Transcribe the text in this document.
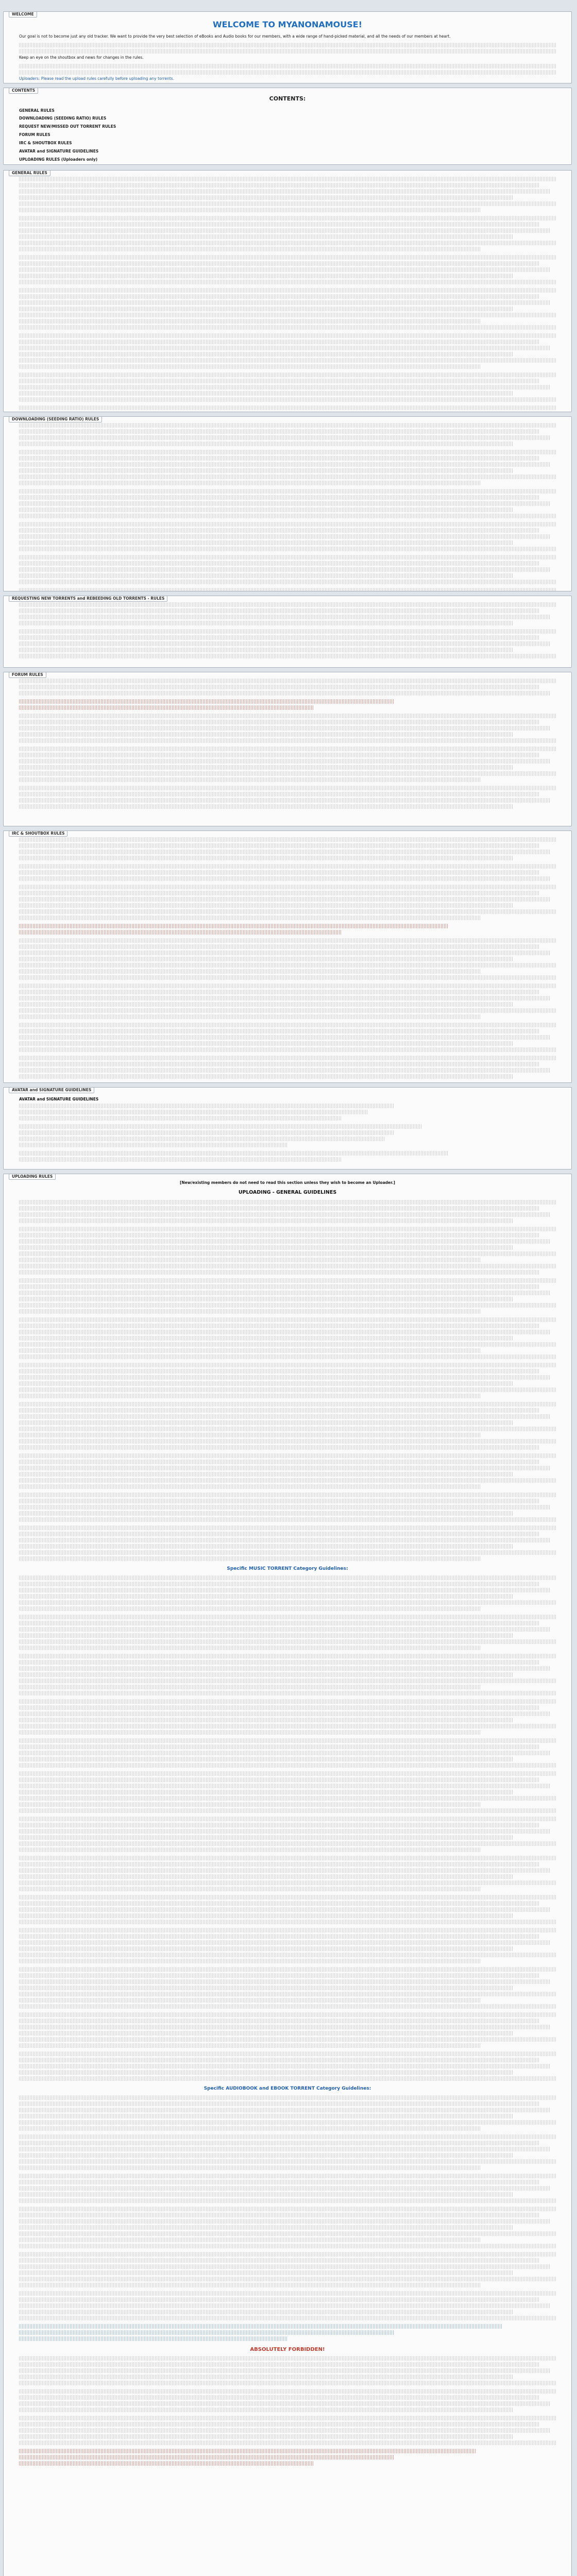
WELCOME
WELCOME TO MYANONAMOUSE!

Our goal is not to become just any old tracker. We want to provide the very best selection of eBooks and Audio books for our members, with a wide range of hand-picked material, and all the needs of our members at heart.

Keep an eye on the shoutbox and news for changes in the rules.

Uploaders: Please read the upload rules carefully before uploading any torrents.

CONTENTS
CONTENTS:
GENERAL RULES
DOWNLOADING (SEEDING RATIO) RULES
REQUEST NEW/MISSED OUT TORRENT RULES
FORUM RULES
IRC & SHOUTBOX RULES
AVATAR and SIGNATURE GUIDELINES
UPLOADING RULES (Uploaders only)
GENERAL RULES
DOWNLOADING (SEEDING RATIO) RULES
REQUESTING NEW TORRENTS and REBEEDING OLD TORRENTS - RULES
FORUM RULES
IRC & SHOUTBOX RULES
AVATAR and SIGNATURE GUIDELINES
AVATAR and SIGNATURE GUIDELINES
UPLOADING RULES
[New/existing members do not need to read this section unless they wish to become an Uploader.]
UPLOADING - GENERAL GUIDELINES
Specific MUSIC TORRENT Category Guidelines:
Specific AUDIOBOOK and EBOOK TORRENT Category Guidelines:
ABSOLUTELY FORBIDDEN!
